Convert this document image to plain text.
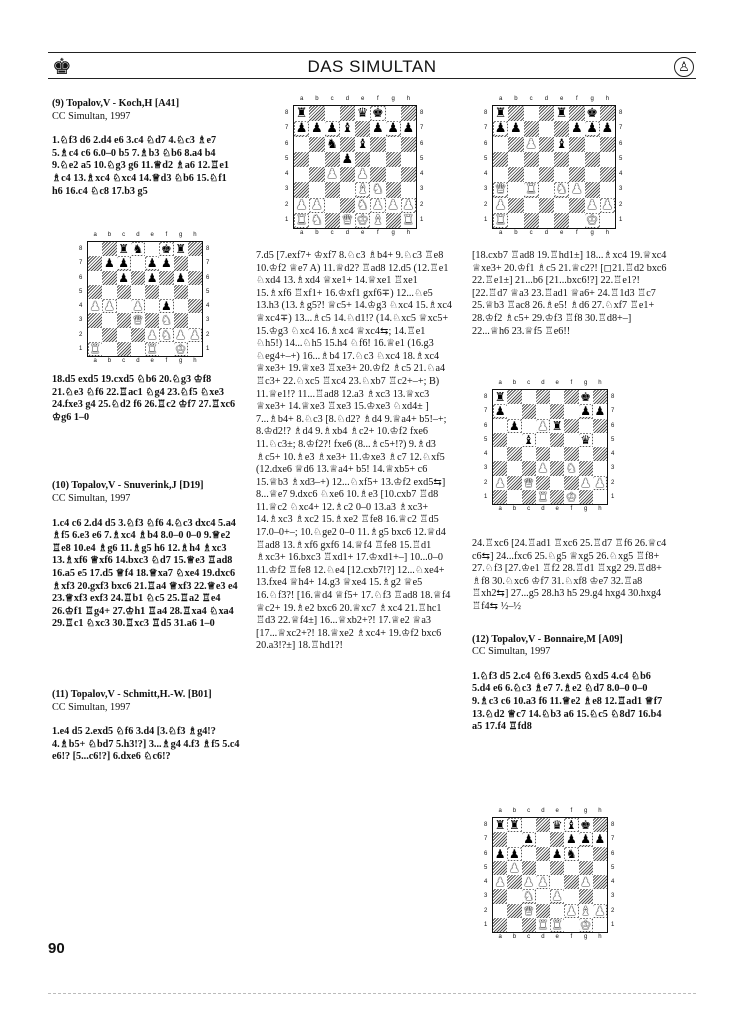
♚	DAS SIMULTAN	♙

(9) Topalov,V - Koch,H [A41]

CC Simultan, 1997

1.♘f3 d6 2.d4 e6 3.c4 ♘d7 4.♘c3 ♗e7 5.♗c4 c6 6.0–0 b5 7.♗b3 ♘b6 8.a4 b4 9.♘e2 a5 10.♘g3 g6 11.♕d2 ♗a6 12.♖e1 ♗c4 13.♗xc4 ♘xc4 14.♕d3 ♘b6 15.♘f1 h6 16.c4 ♘c8 17.b3 g5

♜ ♞ ♚ ♜
♟ ♟ ♟ ♟
♟ ♟ ♟
♟ ♟ ♟ ♟
♛ ♞
♟ ♞ ♟ ♟
♜	♜ ♚
a	b	c	d	e	f	g	h
a	b	c	d	e	f	g	h
8
7
6
5
4
3
2
1
8
7
6
5
4
3
2
1

18.d5 exd5 19.cxd5 ♘b6 20.♘g3 ♔f8 21.♘e3 ♘f6 22.♖ac1 ♘g4 23.♘f5 ♘xe3 24.fxe3 g4 25.♘d2 f6 26.♖c2 ♔f7 27.♖xc6 ♔g6 1–0

(10) Topalov,V - Snuverink,J [D19]

CC Simultan, 1997

1.c4 c6 2.d4 d5 3.♘f3 ♘f6 4.♘c3 dxc4 5.a4 ♗f5 6.e3 e6 7.♗xc4 ♗b4 8.0–0 0–0 9.♕e2 ♖e8 10.e4 ♗g6 11.♗g5 h6 12.♗h4 ♗xc3 13.♗xf6 ♕xf6 14.bxc3 ♘d7 15.♕e3 ♖ad8 16.a5 e5 17.d5 ♕f4 18.♕xa7 ♘xe4 19.dxc6 ♗xf3 20.gxf3 bxc6 21.♖a4 ♕xf3 22.♕e3 e4 23.♕xf3 exf3 24.♖b1 ♘c5 25.♖a2 ♖e4 26.♔f1 ♖g4+ 27.♔h1 ♖a4 28.♖xa4 ♘xa4 29.♖c1 ♘xc3 30.♖xc3 ♖d5 31.a6 1–0

(11) Topalov,V - Schmitt,H.-W. [B01]

CC Simultan, 1997

1.e4 d5 2.exd5 ♘f6 3.d4 [3.♘f3 ♗g4!? 4.♗b5+ ♘bd7 5.h3!?] 3...♗g4 4.f3 ♗f5 5.c4 e6!? [5...c6!?] 6.dxe6 ♘c6!?

♜	♛ ♚
♟ ♟ ♟ ♝ ♟ ♟ ♟
♞ ♝
♟
♟ ♟
♝ ♞
♟ ♟	♞ ♟ ♟ ♟
♜ ♞ ♛ ♚ ♝ ♜
a	b	c	d	e	f	g	h
a	b	c	d	e	f	g	h
8
7
6
5
4
3
2
1
8
7
6
5
4
3
2
1

7.d5 [7.exf7+ ♔xf7 8.♘c3 ♗b4+ 9.♘c3 ♖e8 10.♔f2 ♕e7 A) 11.♕d2? ♖ad8 12.d5 (12.♖e1 ♘xd4 13.♗xd4 ♕xe1+ 14.♕xe1 ♖xe1 15.♗xf6 ♖xf1+ 16.♔xf1 gxf6∓) 12...♘e5 13.h3 (13.♗g5?! ♕c5+ 14.♔g3 ♘xc4 15.♗xc4 ♕xc4∓) 13...♗c5 14.♘d1!? (14.♘xc5 ♕xc5+ 15.♔g3 ♘xc4 16.♗xc4 ♕xc4⇆; 14.♖e1 ♘h5!) 14...♘h5 15.h4 ♘f6! 16.♕e1 (16.g3 ♘eg4+–+) 16...♗b4 17.♘c3 ♘xc4 18.♗xc4 ♕xe3+ 19.♕xe3 ♖xe3+ 20.♔f2 ♗c5 21.♘a4 ♖c3+ 22.♘xc5 ♖xc4 23.♘xb7 ♖c2+–+; B) 11.♕e1!? 11...♖ad8 12.a3 ♗xc3 13.♕xc3 ♕xe3+ 14.♕xe3 ♖xe3 15.♔xe3 ♘xd4± ] 7...♗b4+ 8.♘c3 [8.♘d2? ♗d4 9.♕a4+ b5!–+; 8.♔d2!? ♗d4 9.♗xb4 ♗c2+ 10.♔f2 fxe6 11.♘c3±; 8.♔f2?! fxe6 (8...♗c5+!?) 9.♗d3 ♗c5+ 10.♗e3 ♗xe3+ 11.♔xe3 ♗c7 12.♘xf5 (12.dxe6 ♕d6 13.♕a4+ b5! 14.♕xb5+ c6 15.♕b3 ♗xd3–+) 12...♘xf5+ 13.♔f2 exd5⇆] 8...♕e7 9.dxc6 ♘xe6 10.♗e3 [10.cxb7 ♖d8 11.♕c2 ♘xc4+ 12.♗c2 0–0 13.a3 ♗xc3+ 14.♗xc3 ♗xc2 15.♗xe2 ♖fe8 16.♕c2 ♖d5 17.0–0+–; 10.♘ge2 0–0 11.♗g5 bxc6 12.♕d4 ♖ad8 13.♗xf6 gxf6 14.♕f4 ♖fe8 15.♖d1 ♗xc3+ 16.bxc3 ♖xd1+ 17.♔xd1+–] 10...0–0 11.♔f2 ♖fe8 12.♘e4 [12.cxb7!?] 12...♘xe4+ 13.fxe4 ♕h4+ 14.g3 ♕xe4 15.♗g2 ♕e5 16.♘f3?! [16.♕d4 ♕f5+ 17.♘f3 ♖ad8 18.♕f4 ♕c2+ 19.♗e2 bxc6 20.♕xc7 ♗xc4 21.♖hc1 ♖d3 22.♕f4±] 16...♕xb2+?! 17.♕e2 ♕a3 [17...♕xc2+?! 18.♕xe2 ♗xc4+ 19.♔f2 bxc6 20.a3!?±] 18.♖hd1?!

♜	♜ ♚
♟ ♟	♟ ♟ ♟
♟ ♝
♛ ♜ ♞ ♟
♟	♟ ♟
♜	♚
a	b	c	d	e	f	g	h
a	b	c	d	e	f	g	h
8
7
6
5
4
3
2
1
8
7
6
5
4
3
2
1

[18.cxb7 ♖ad8 19.♖hd1±] 18...♗xc4 19.♕xc4 ♕xe3+ 20.♔f1 ♗c5 21.♕c2?! [◻21.♖d2 bxc6 22.♖e1±] 21...b6 [21...bxc6!?] 22.♖e1?! [22.♖d7 ♕a3 23.♖ad1 ♕a6+ 24.♖1d3 ♖c7 25.♕b3 ♖ac8 26.♗e5! ♗d6 27.♘xf7 ♖e1+ 28.♔f2 ♗c5+ 29.♔f3 ♖f8 30.♖d8+–] 22...♕h6 23.♕f5 ♖e6!!

♜	♚
♟	♟ ♟
♟ ♟ ♜
♝	♛
♟ ♞
♟ ♛	♟ ♟
♜ ♚
a	b	c	d	e	f	g	h
a	b	c	d	e	f	g	h
8
7
6
5
4
3
2
1
8
7
6
5
4
3
2
1

24.♖xc6 [24.♖ad1 ♖xc6 25.♖d7 ♖f6 26.♕c4 c6⇆] 24...fxc6 25.♘g5 ♕xg5 26.♘xg5 ♖f8+ 27.♘f3 [27.♔e1 ♖f2 28.♖d1 ♖xg2 29.♖d8+ ♗f8 30.♘xc6 ♔f7 31.♘xf8 ♔e7 32.♖a8 ♖xh2⇆] 27...g5 28.h3 h5 29.g4 hxg4 30.hxg4 ♖f4⇆ ½–½

(12) Topalov,V - Bonnaire,M [A09]

CC Simultan, 1997

1.♘f3 d5 2.c4 ♘f6 3.exd5 ♘xd5 4.c4 ♘b6 5.d4 e6 6.♘c3 ♗e7 7.♗e2 ♘d7 8.0–0 0–0 9.♗c3 c6 10.a3 f6 11.♕e2 ♗e8 12.♖ad1 ♕f7 13.♘d2 ♕c7 14.♘b3 a6 15.♘c5 ♘8d7 16.b4 a5 17.f4 ♖fd8

♜ ♜	♛ ♝ ♚
♟	♟ ♟ ♟
♟ ♟	♟ ♞
♟
♟ ♟ ♟	♟
♞ ♟
♛	♟ ♝ ♟
♜ ♜ ♚
a	b	c	d	e	f	g	h
a	b	c	d	e	f	g	h
8
7
6
5
4
3
2
1
8
7
6
5
4
3
2
1
90
